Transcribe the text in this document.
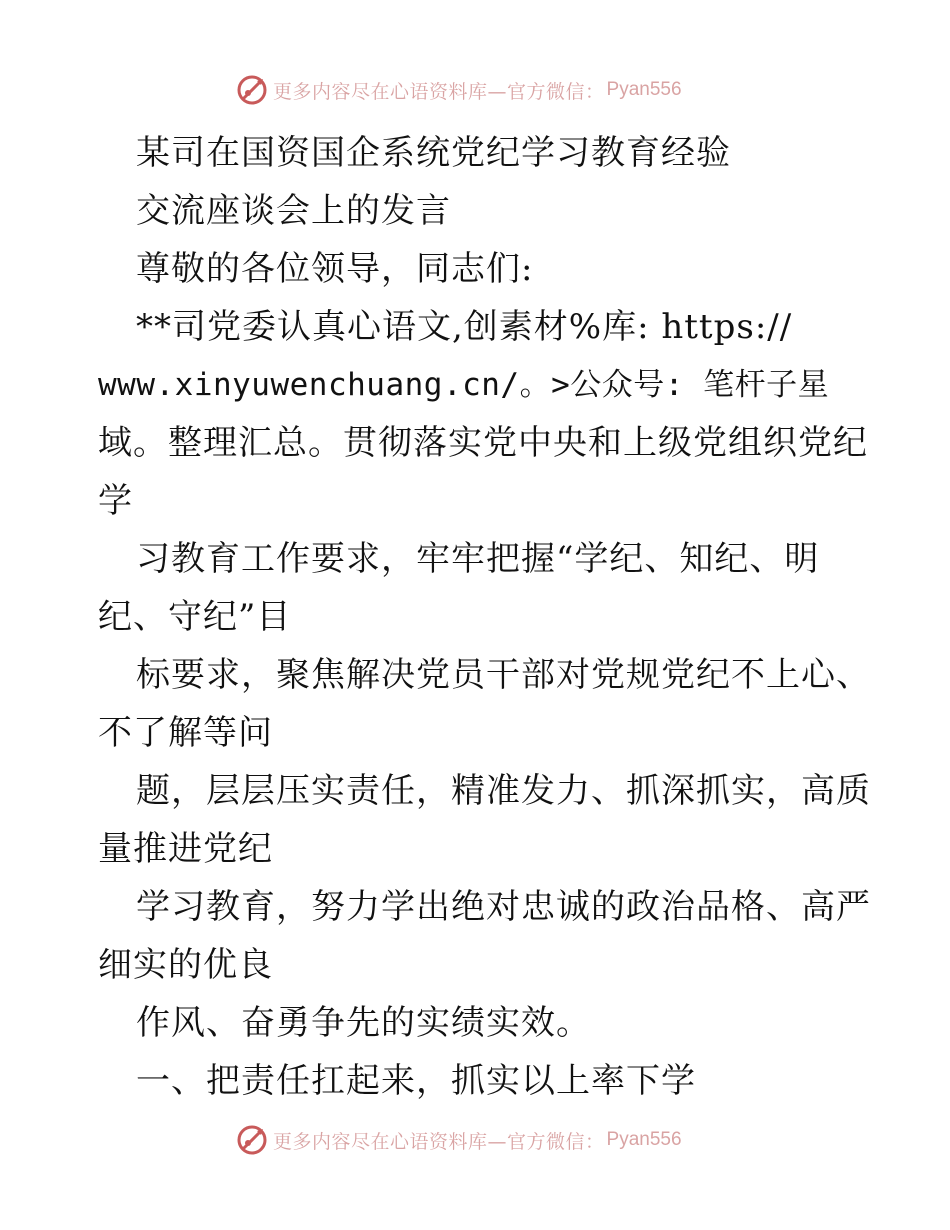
更多内容尽在心语资料库—官方微信： Pyan556
某司在国资国企系统党纪学习教育经验
交流座谈会上的发言
尊敬的各位领导，同志们:
**司党委认真心语文,创素材%库: https://
www.xinyuwenchuang.cn/。>公众号: 笔杆子星
域。整理汇总。贯彻落实党中央和上级党组织党纪
学
习教育工作要求，牢牢把握“学纪、知纪、明
纪、守纪”目
标要求，聚焦解决党员干部对党规党纪不上心、
不了解等问
题，层层压实责任，精准发力、抓深抓实，高质
量推进党纪
学习教育，努力学出绝对忠诚的政治品格、高严
细实的优良
作风、奋勇争先的实绩实效。
一、把责任扛起来，抓实以上率下学
更多内容尽在心语资料库—官方微信： Pyan556
